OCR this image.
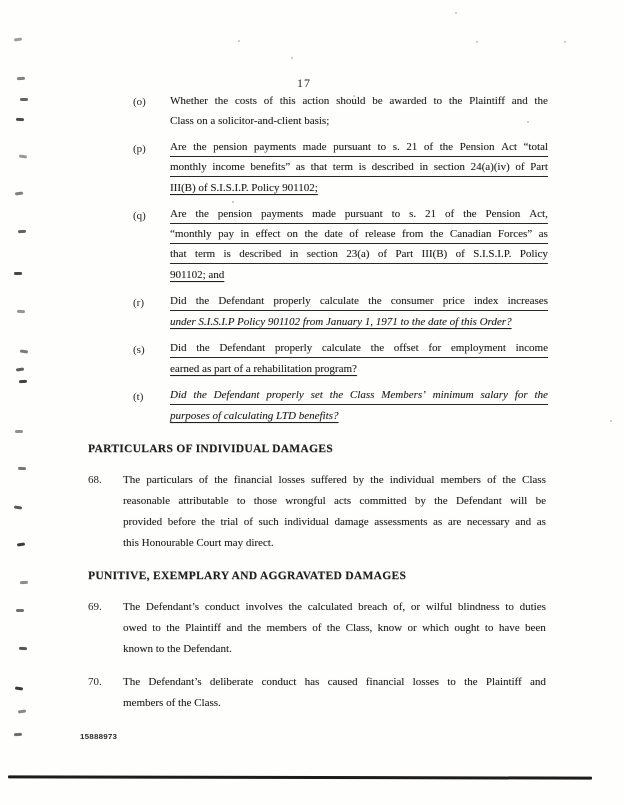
17
(o) Whether the costs of this action should be awarded to the Plaintiff and the
Class on a solicitor-and-client basis;
(p) Are the pension payments made pursuant to s. 21 of the Pension Act “total
monthly income benefits” as that term is described in section 24(a)(iv) of Part
III(B) of S.I.S.I.P. Policy 901102;
(q) Are the pension payments made pursuant to s. 21 of the Pension Act,
“monthly pay in effect on the date of release from the Canadian Forces” as
that term is described in section 23(a) of Part III(B) of S.I.S.I.P. Policy
901102; and
(r) Did the Defendant properly calculate the consumer price index increases
under S.I.S.I.P Policy 901102 from January 1, 1971 to the date of this Order?
(s) Did the Defendant properly calculate the offset for employment income
earned as part of a rehabilitation program?
(t) Did the Defendant properly set the Class Members’ minimum salary for the
purposes of calculating LTD benefits?
PARTICULARS OF INDIVIDUAL DAMAGES
68. The particulars of the financial losses suffered by the individual members of the Class
reasonable attributable to those wrongful acts committed by the Defendant will be
provided before the trial of such individual damage assessments as are necessary and as
this Honourable Court may direct.
PUNITIVE, EXEMPLARY AND AGGRAVATED DAMAGES
69. The Defendant’s conduct involves the calculated breach of, or wilful blindness to duties
owed to the Plaintiff and the members of the Class, know or which ought to have been
known to the Defendant.
70. The Defendant’s deliberate conduct has caused financial losses to the Plaintiff and
members of the Class.
15888973
